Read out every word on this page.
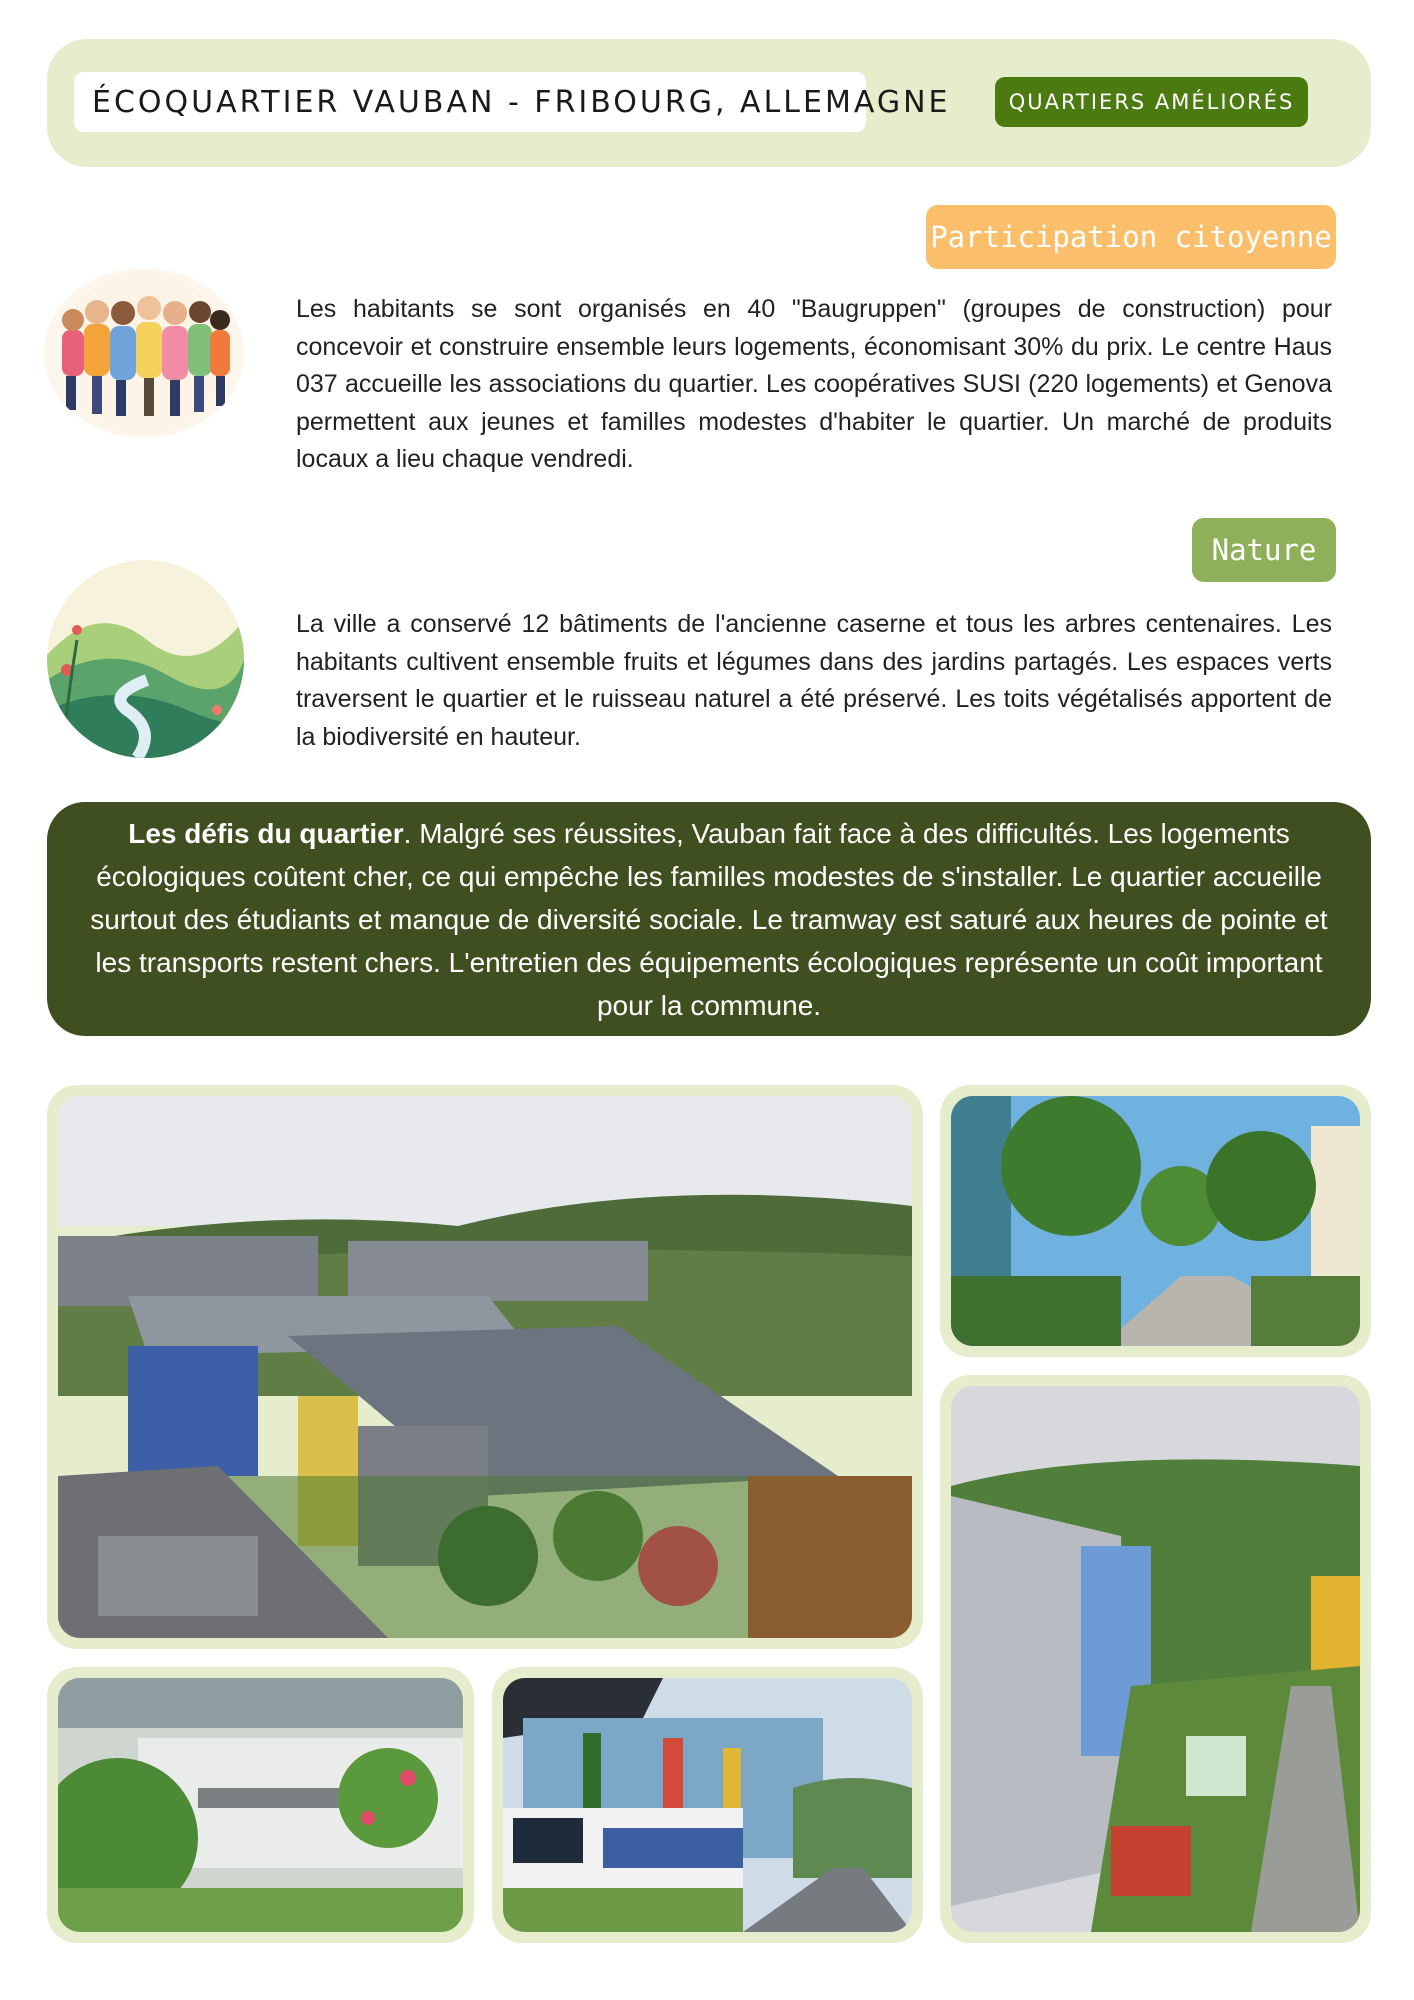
ÉCOQUARTIER VAUBAN - FRIBOURG, ALLEMAGNE	QUARTIERS AMÉLIORÉS
Participation citoyenne
Les habitants se sont organisés en 40 "Baugruppen" (groupes de construction) pour concevoir et construire ensemble leurs logements, économisant 30% du prix. Le centre Haus 037 accueille les associations du quartier. Les coopératives SUSI (220 logements) et Genova permettent aux jeunes et familles modestes d'habiter le quartier. Un marché de produits locaux a lieu chaque vendredi.
Nature
La ville a conservé 12 bâtiments de l'ancienne caserne et tous les arbres centenaires. Les habitants cultivent ensemble fruits et légumes dans des jardins partagés. Les espaces verts traversent le quartier et le ruisseau naturel a été préservé. Les toits végétalisés apportent de la biodiversité en hauteur.
Les défis du quartier. Malgré ses réussites, Vauban fait face à des difficultés. Les logements écologiques coûtent cher, ce qui empêche les familles modestes de s'installer. Le quartier accueille surtout des étudiants et manque de diversité sociale. Le tramway est saturé aux heures de pointe et les transports restent chers. L'entretien des équipements écologiques représente un coût important pour la commune.
